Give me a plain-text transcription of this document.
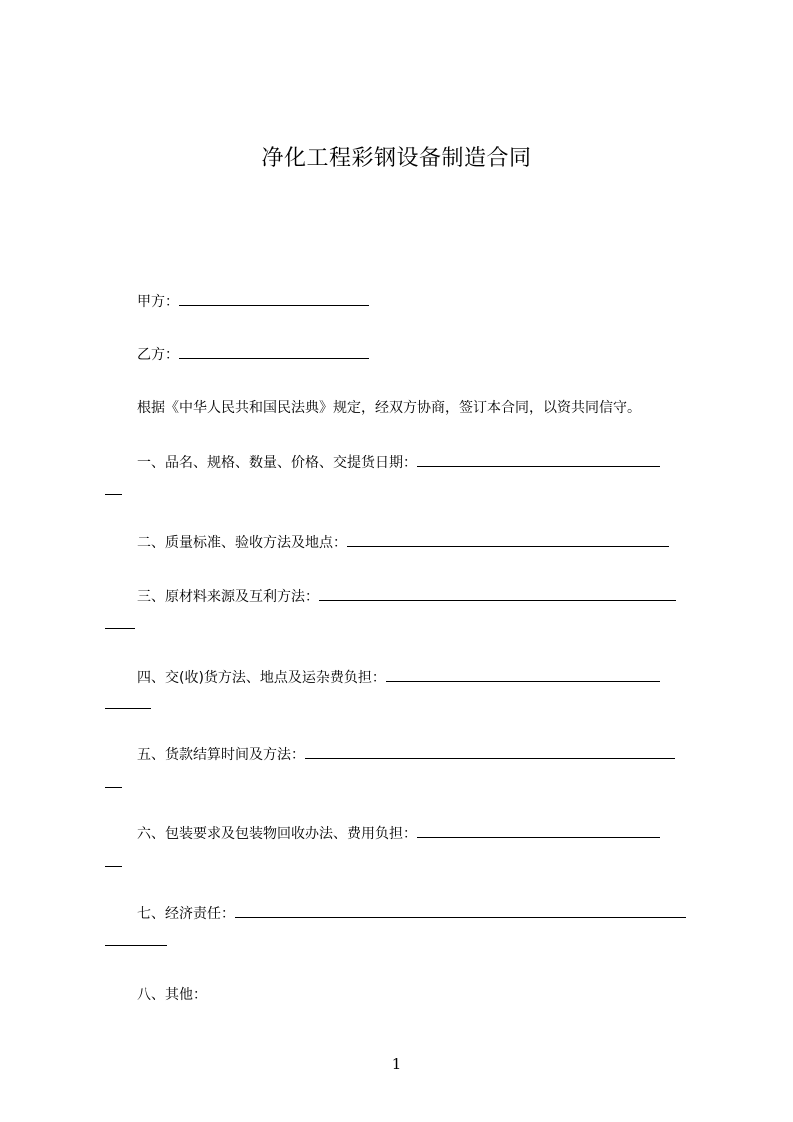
净化工程彩钢设备制造合同
甲方：
乙方：
根据《中华人民共和国民法典》规定，经双方协商，签订本合同，以资共同信守。
一、品名、规格、数量、价格、交提货日期：
二、质量标准、验收方法及地点：
三、原材料来源及互利方法：
四、交(收)货方法、地点及运杂费负担：
五、货款结算时间及方法：
六、包装要求及包装物回收办法、费用负担：
七、经济责任：
八、其他：
1
